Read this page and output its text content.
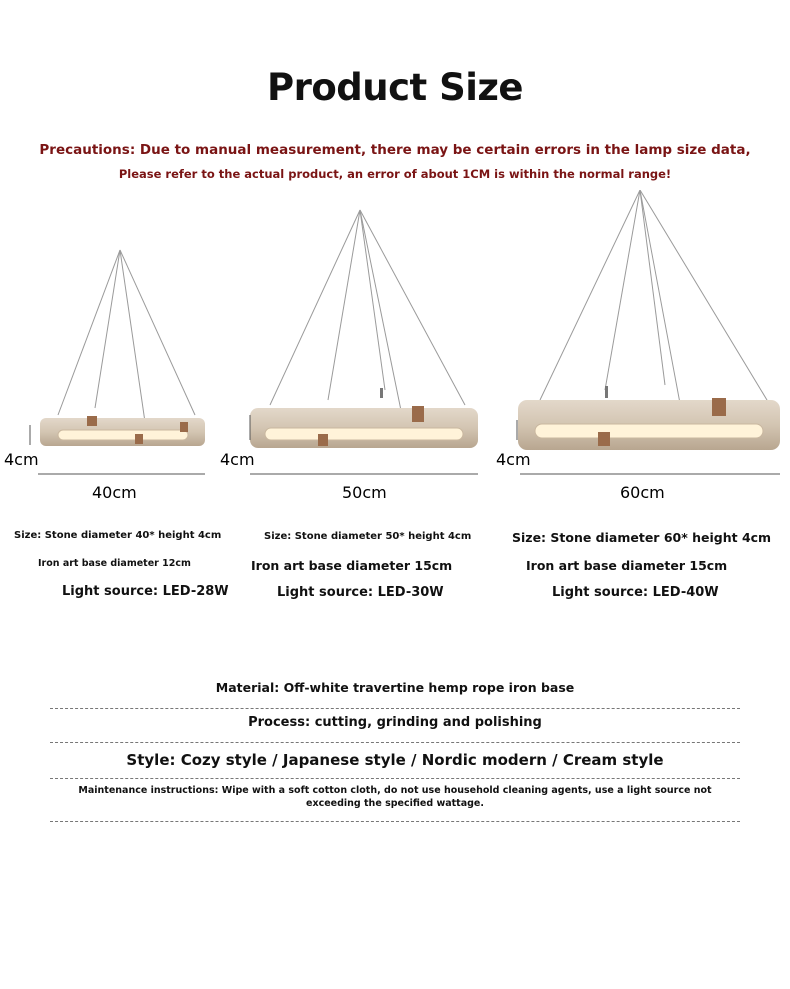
Product Size
Precautions: Due to manual measurement, there may be certain errors in the lamp size data,
Please refer to the actual product, an error of about 1CM is within the normal range!
4cm
40cm
4cm
50cm
4cm
60cm
Size: Stone diameter 40* height 4cm
Iron art base diameter 12cm
Light source: LED-28W
Size: Stone diameter 50* height 4cm
Iron art base diameter 15cm
Light source: LED-30W
Size: Stone diameter 60* height 4cm
Iron art base diameter 15cm
Light source: LED-40W
Material: Off-white travertine hemp rope iron base
Process: cutting, grinding and polishing
Style: Cozy style / Japanese style / Nordic modern / Cream style
Maintenance instructions: Wipe with a soft cotton cloth, do not use household cleaning agents, use a light source not exceeding the specified wattage.
